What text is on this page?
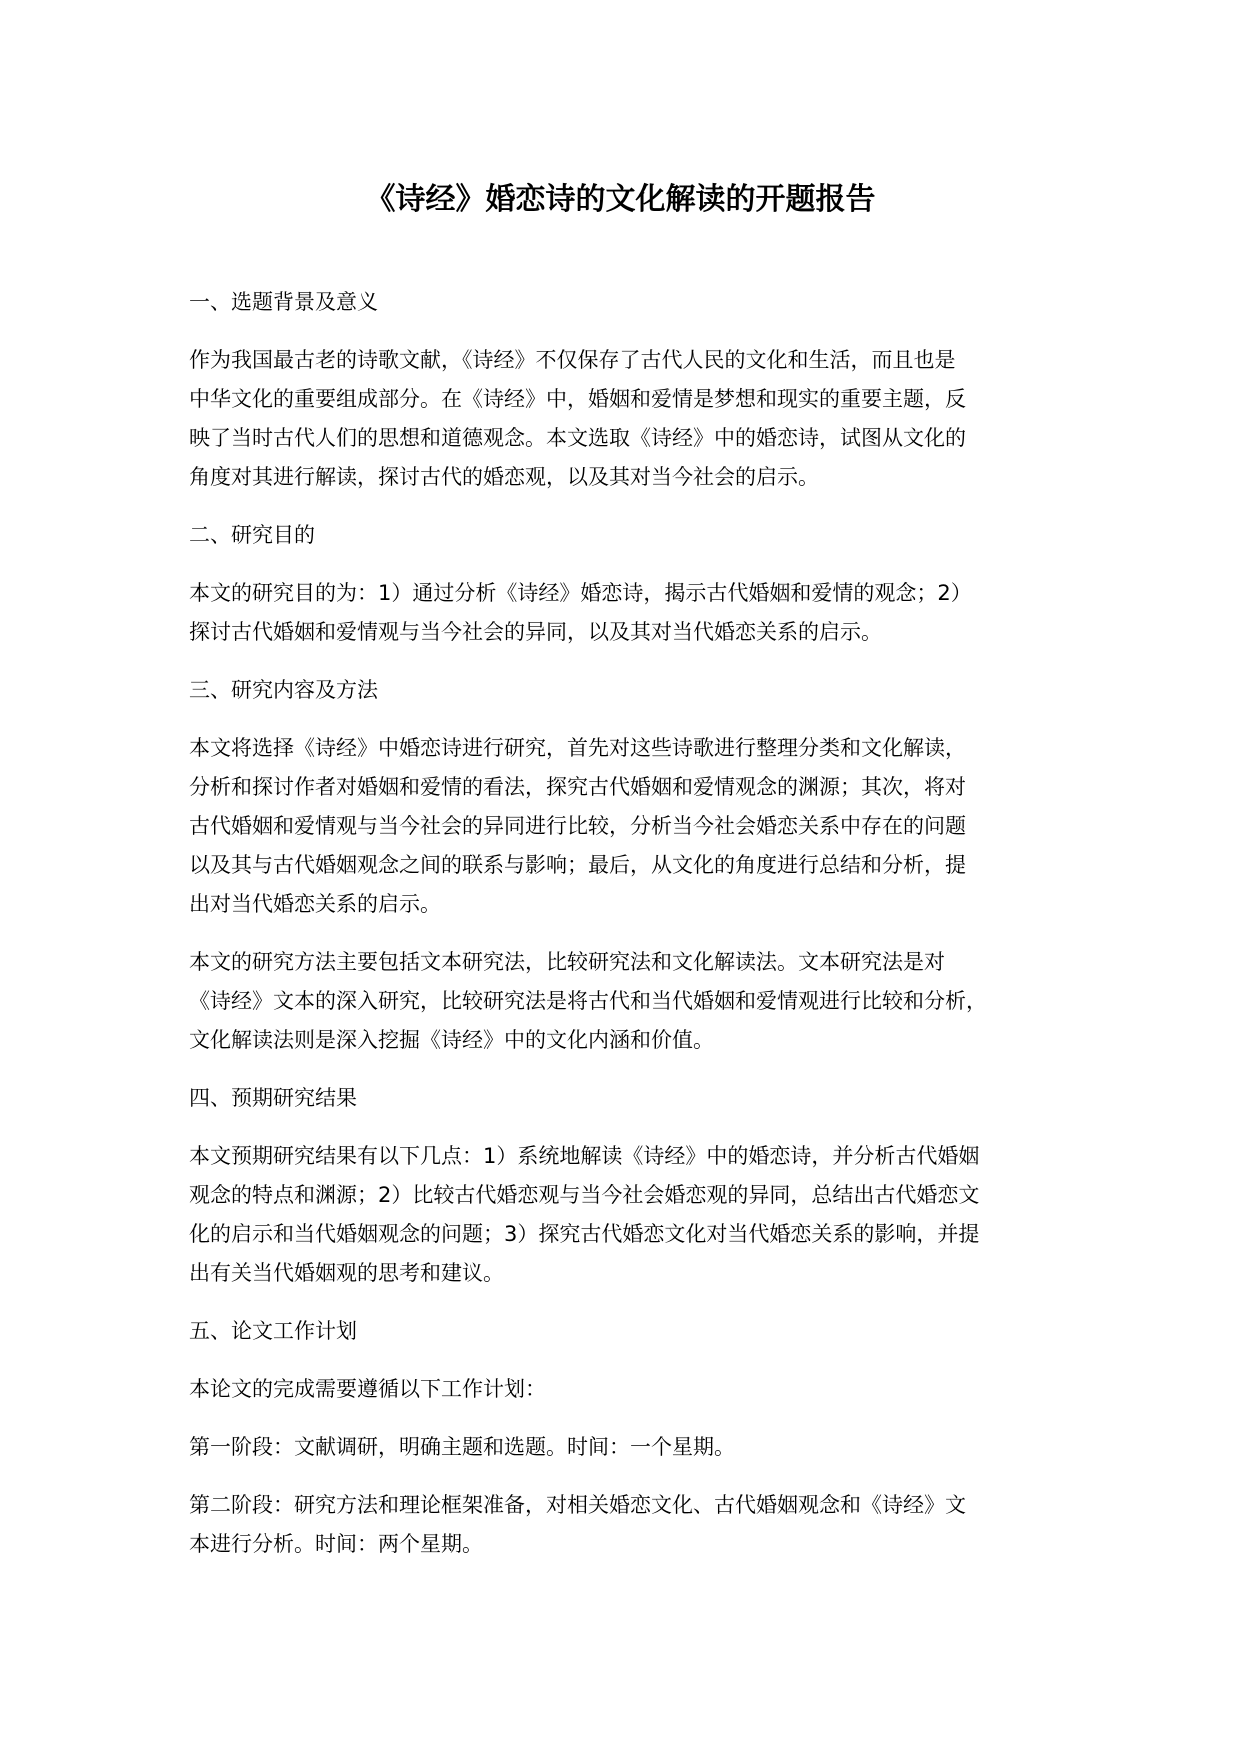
《诗经》婚恋诗的文化解读的开题报告
一、选题背景及意义
作为我国最古老的诗歌文献，《诗经》不仅保存了古代人民的文化和生活，而且也是
中华文化的重要组成部分。在《诗经》中，婚姻和爱情是梦想和现实的重要主题，反
映了当时古代人们的思想和道德观念。本文选取《诗经》中的婚恋诗，试图从文化的
角度对其进行解读，探讨古代的婚恋观，以及其对当今社会的启示。
二、研究目的
本文的研究目的为：1）通过分析《诗经》婚恋诗，揭示古代婚姻和爱情的观念；2）
探讨古代婚姻和爱情观与当今社会的异同，以及其对当代婚恋关系的启示。
三、研究内容及方法
本文将选择《诗经》中婚恋诗进行研究，首先对这些诗歌进行整理分类和文化解读，
分析和探讨作者对婚姻和爱情的看法，探究古代婚姻和爱情观念的渊源；其次，将对
古代婚姻和爱情观与当今社会的异同进行比较，分析当今社会婚恋关系中存在的问题
以及其与古代婚姻观念之间的联系与影响；最后，从文化的角度进行总结和分析，提
出对当代婚恋关系的启示。
本文的研究方法主要包括文本研究法，比较研究法和文化解读法。文本研究法是对
《诗经》文本的深入研究，比较研究法是将古代和当代婚姻和爱情观进行比较和分析，
文化解读法则是深入挖掘《诗经》中的文化内涵和价值。
四、预期研究结果
本文预期研究结果有以下几点：1）系统地解读《诗经》中的婚恋诗，并分析古代婚姻
观念的特点和渊源；2）比较古代婚恋观与当今社会婚恋观的异同，总结出古代婚恋文
化的启示和当代婚姻观念的问题；3）探究古代婚恋文化对当代婚恋关系的影响，并提
出有关当代婚姻观的思考和建议。
五、论文工作计划
本论文的完成需要遵循以下工作计划：
第一阶段：文献调研，明确主题和选题。时间：一个星期。
第二阶段：研究方法和理论框架准备，对相关婚恋文化、古代婚姻观念和《诗经》文
本进行分析。时间：两个星期。
